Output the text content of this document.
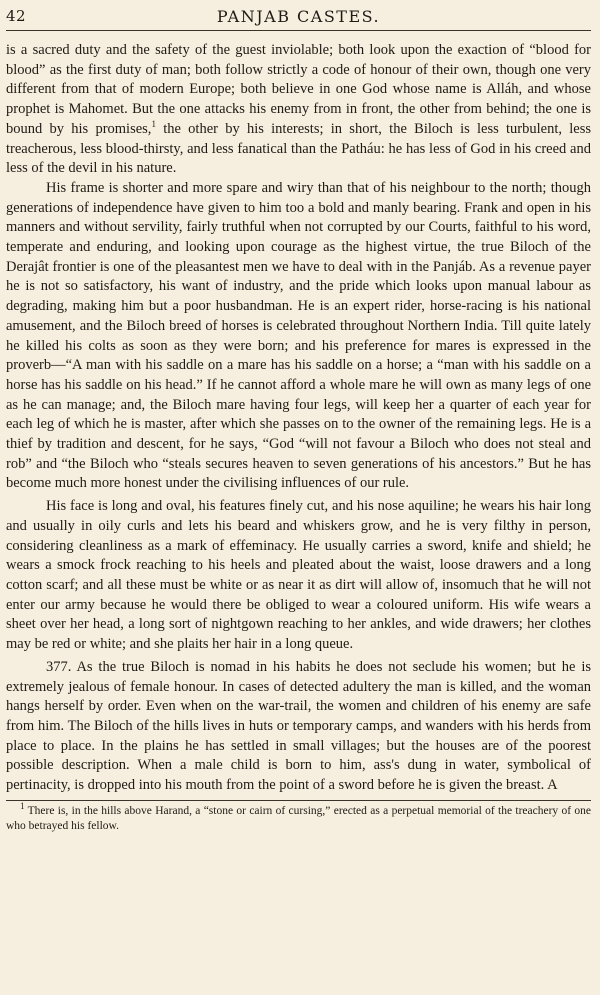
42	PANJAB CASTES.

is a sacred duty and the safety of the guest inviolable; both look upon the exaction of “blood for blood” as the first duty of man; both follow strictly a code of honour of their own, though one very different from that of modern Europe; both believe in one God whose name is Alláh, and whose prophet is Mahomet. But the one attacks his enemy from in front, the other from behind; the one is bound by his promises,$^1$ the other by his interests; in short, the Biloch is less turbulent, less treacherous, less blood-thirsty, and less fanatical than the Patháu: he has less of God in his creed and less of the devil in his nature.

His frame is shorter and more spare and wiry than that of his neighbour to the north; though generations of independence have given to him too a bold and manly bearing. Frank and open in his manners and without servility, fairly truthful when not corrupted by our Courts, faithful to his word, temperate and enduring, and looking upon courage as the highest virtue, the true Biloch of the Derajât frontier is one of the pleasantest men we have to deal with in the Panjáb. As a revenue payer he is not so satisfactory, his want of industry, and the pride which looks upon manual labour as degrading, making him but a poor husbandman. He is an expert rider, horse-racing is his national amusement, and the Biloch breed of horses is celebrated throughout Northern India. Till quite lately he killed his colts as soon as they were born; and his preference for mares is expressed in the proverb—“A man with his saddle on a mare has his saddle on a horse; a “man with his saddle on a horse has his saddle on his head.” If he cannot afford a whole mare he will own as many legs of one as he can manage; and, the Biloch mare having four legs, will keep her a quarter of each year for each leg of which he is master, after which she passes on to the owner of the remaining legs. He is a thief by tradition and descent, for he says, “God “will not favour a Biloch who does not steal and rob” and “the Biloch who “steals secures heaven to seven generations of his ancestors.” But he has become much more honest under the civilising influences of our rule.

His face is long and oval, his features finely cut, and his nose aquiline; he wears his hair long and usually in oily curls and lets his beard and whiskers grow, and he is very filthy in person, considering cleanliness as a mark of effeminacy. He usually carries a sword, knife and shield; he wears a smock frock reaching to his heels and pleated about the waist, loose drawers and a long cotton scarf; and all these must be white or as near it as dirt will allow of, insomuch that he will not enter our army because he would there be obliged to wear a coloured uniform. His wife wears a sheet over her head, a long sort of nightgown reaching to her ankles, and wide drawers; her clothes may be red or white; and she plaits her hair in a long queue.

377. As the true Biloch is nomad in his habits he does not seclude his women; but he is extremely jealous of female honour. In cases of detected adultery the man is killed, and the woman hangs herself by order. Even when on the war-trail, the women and children of his enemy are safe from him. The Biloch of the hills lives in huts or temporary camps, and wanders with his herds from place to place. In the plains he has settled in small villages; but the houses are of the poorest possible description. When a male child is born to him, ass's dung in water, symbolical of pertinacity, is dropped into his mouth from the point of a sword before he is given the breast. A

$^1$ There is, in the hills above Harand, a “stone or cairn of cursing,” erected as a perpetual memorial of the treachery of one who betrayed his fellow.
